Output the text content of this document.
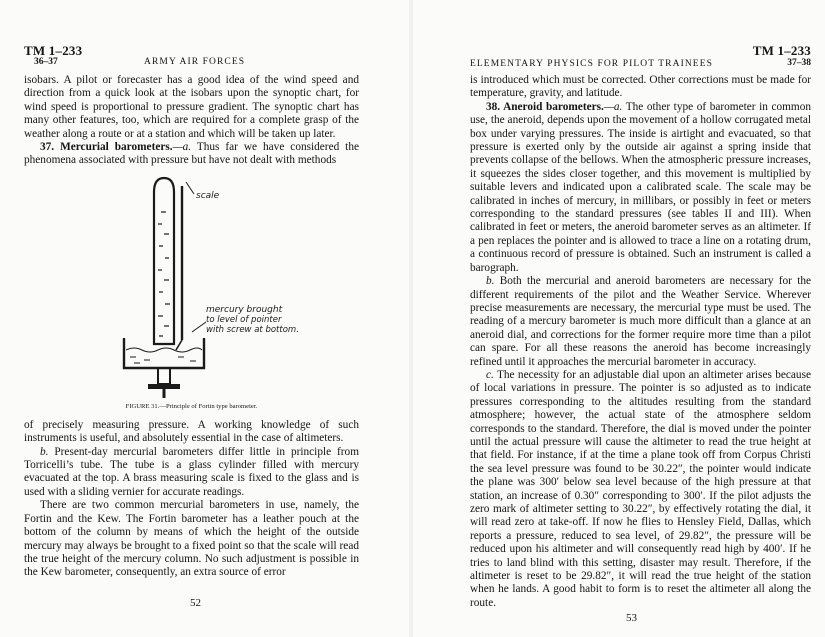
TM 1–233
36–37	ARMY AIR FORCES

isobars. A pilot or forecaster has a good idea of the wind speed and direction from a quick look at the isobars upon the synoptic chart, for wind speed is proportional to pressure gradient. The synoptic chart has many other features, too, which are required for a complete grasp of the weather along a route or at a station and which will be taken up later.

37. Mercurial barometers.—a. Thus far we have considered the phenomena associated with pressure but have not dealt with methods

scale
mercury brought
to level of pointer
with screw at bottom.
FIGURE 31.—Principle of Fortin type barometer.

of precisely measuring pressure. A working knowledge of such instruments is useful, and absolutely essential in the case of altimeters.

b. Present-day mercurial barometers differ little in principle from Torricelli’s tube. The tube is a glass cylinder filled with mercury evacuated at the top. A brass measuring scale is fixed to the glass and is used with a sliding vernier for accurate readings.

There are two common mercurial barometers in use, namely, the Fortin and the Kew. The Fortin barometer has a leather pouch at the bottom of the column by means of which the height of the outside mercury may always be brought to a fixed point so that the scale will read the true height of the mercury column. No such adjustment is possible in the Kew barometer, consequently, an extra source of error

52
TM 1–233
ELEMENTARY PHYSICS FOR PILOT TRAINEES	37–38

is introduced which must be corrected. Other corrections must be made for temperature, gravity, and latitude.

38. Aneroid barometers.—a. The other type of barometer in common use, the aneroid, depends upon the movement of a hollow corrugated metal box under varying pressures. The inside is airtight and evacuated, so that pressure is exerted only by the outside air against a spring inside that prevents collapse of the bellows. When the atmospheric pressure increases, it squeezes the sides closer together, and this movement is multiplied by suitable levers and indicated upon a calibrated scale. The scale may be calibrated in inches of mercury, in millibars, or possibly in feet or meters corresponding to the standard pressures (see tables II and III). When calibrated in feet or meters, the aneroid barometer serves as an altimeter. If a pen replaces the pointer and is allowed to trace a line on a rotating drum, a continuous record of pressure is obtained. Such an instrument is called a barograph.

b. Both the mercurial and aneroid barometers are necessary for the different requirements of the pilot and the Weather Service. Wherever precise measurements are necessary, the mercurial type must be used. The reading of a mercury barometer is much more difficult than a glance at an aneroid dial, and corrections for the former require more time than a pilot can spare. For all these reasons the aneroid has become increasingly refined until it approaches the mercurial barometer in accuracy.

c. The necessity for an adjustable dial upon an altimeter arises because of local variations in pressure. The pointer is so adjusted as to indicate pressures corresponding to the altitudes resulting from the standard atmosphere; however, the actual state of the atmosphere seldom corresponds to the standard. Therefore, the dial is moved under the pointer until the actual pressure will cause the altimeter to read the true height at that field. For instance, if at the time a plane took off from Corpus Christi the sea level pressure was found to be 30.22″, the pointer would indicate the plane was 300′ below sea level because of the high pressure at that station, an increase of 0.30″ corresponding to 300′. If the pilot adjusts the zero mark of altimeter setting to 30.22″, by effectively rotating the dial, it will read zero at take-off. If now he flies to Hensley Field, Dallas, which reports a pressure, reduced to sea level, of 29.82″, the pressure will be reduced upon his altimeter and will consequently read high by 400′. If he tries to land blind with this setting, disaster may result. Therefore, if the altimeter is reset to be 29.82″, it will read the true height of the station when he lands. A good habit to form is to reset the altimeter all along the route.

53
